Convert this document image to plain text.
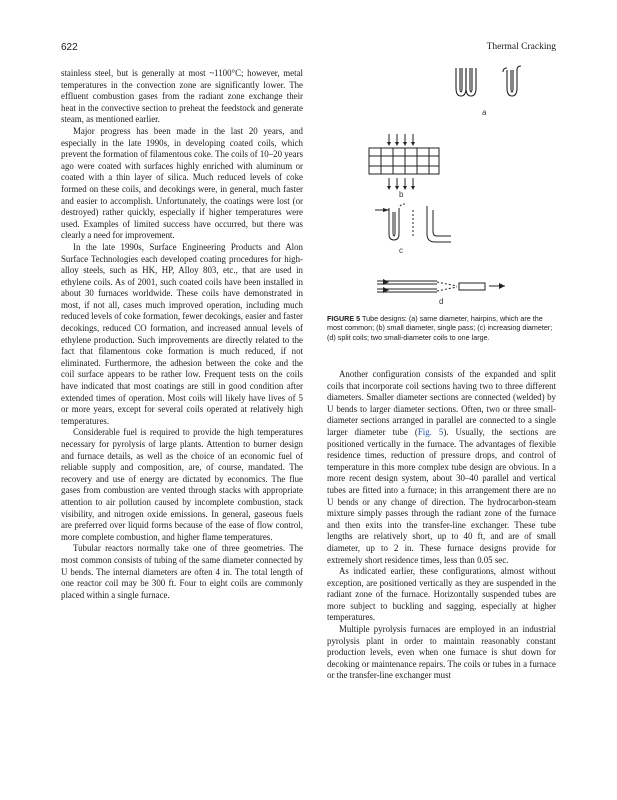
622	Thermal Cracking

stainless steel, but is generally at most ~1100°C; however, metal temperatures in the convection zone are significantly lower. The effluent combustion gases from the radiant zone exchange their heat in the convective section to preheat the feedstock and generate steam, as mentioned earlier.

Major progress has been made in the last 20 years, and especially in the late 1990s, in developing coated coils, which prevent the formation of filamentous coke. The coils of 10–20 years ago were coated with surfaces highly enriched with aluminum or coated with a thin layer of silica. Much reduced levels of coke formed on these coils, and decokings were, in general, much faster and easier to accomplish. Unfortunately, the coatings were lost (or destroyed) rather quickly, especially if higher temperatures were used. Examples of limited success have occurred, but there was clearly a need for improvement.

In the late 1990s, Surface Engineering Products and Alon Surface Technologies each developed coating procedures for high-alloy steels, such as HK, HP, Alloy 803, etc., that are used in ethylene coils. As of 2001, such coated coils have been installed in about 30 furnaces worldwide. These coils have demonstrated in most, if not all, cases much improved operation, including much reduced levels of coke formation, fewer decokings, easier and faster decokings, reduced CO formation, and increased annual levels of ethylene production. Such improvements are directly related to the fact that filamentous coke formation is much reduced, if not eliminated. Furthermore, the adhesion between the coke and the coil surface appears to be rather low. Frequent tests on the coils have indicated that most coatings are still in good condition after extended times of operation. Most coils will likely have lives of 5 or more years, except for several coils operated at relatively high temperatures.

Considerable fuel is required to provide the high temperatures necessary for pyrolysis of large plants. Attention to burner design and furnace details, as well as the choice of an economic fuel of reliable supply and composition, are, of course, mandated. The recovery and use of energy are dictated by economics. The flue gases from combustion are vented through stacks with appropriate attention to air pollution caused by incomplete combustion, stack visibility, and nitrogen oxide emissions. In general, gaseous fuels are preferred over liquid forms because of the ease of flow control, more complete combustion, and higher flame temperatures.

Tubular reactors normally take one of three geometries. The most common consists of tubing of the same diameter connected by U bends. The internal diameters are often 4 in. The total length of one reactor coil may be 300 ft. Four to eight coils are commonly placed within a single furnace.

a
b
c
d
FIGURE 5 Tube designs: (a) same diameter, hairpins, which are the most common; (b) small diameter, single pass; (c) increasing diameter; (d) split coils; two small-diameter coils to one large.

Another configuration consists of the expanded and split coils that incorporate coil sections having two to three different diameters. Smaller diameter sections are connected (welded) by U bends to larger diameter sections. Often, two or three small-diameter sections arranged in parallel are connected to a single larger diameter tube (Fig. 5). Usually, the sections are positioned vertically in the furnace. The advantages of flexible residence times, reduction of pressure drops, and control of temperature in this more complex tube design are obvious. In a more recent design system, about 30–40 parallel and vertical tubes are fitted into a furnace; in this arrangement there are no U bends or any change of direction. The hydrocarbon-steam mixture simply passes through the radiant zone of the furnace and then exits into the transfer-line exchanger. These tube lengths are relatively short, up to 40 ft, and are of small diameter, up to 2 in. These furnace designs provide for extremely short residence times, less than 0.05 sec.

As indicated earlier, these configurations, almost without exception, are positioned vertically as they are suspended in the radiant zone of the furnace. Horizontally suspended tubes are more subject to buckling and sagging, especially at higher temperatures.

Multiple pyrolysis furnaces are employed in an industrial pyrolysis plant in order to maintain reasonably constant production levels, even when one furnace is shut down for decoking or maintenance repairs. The coils or tubes in a furnace or the transfer-line exchanger must
